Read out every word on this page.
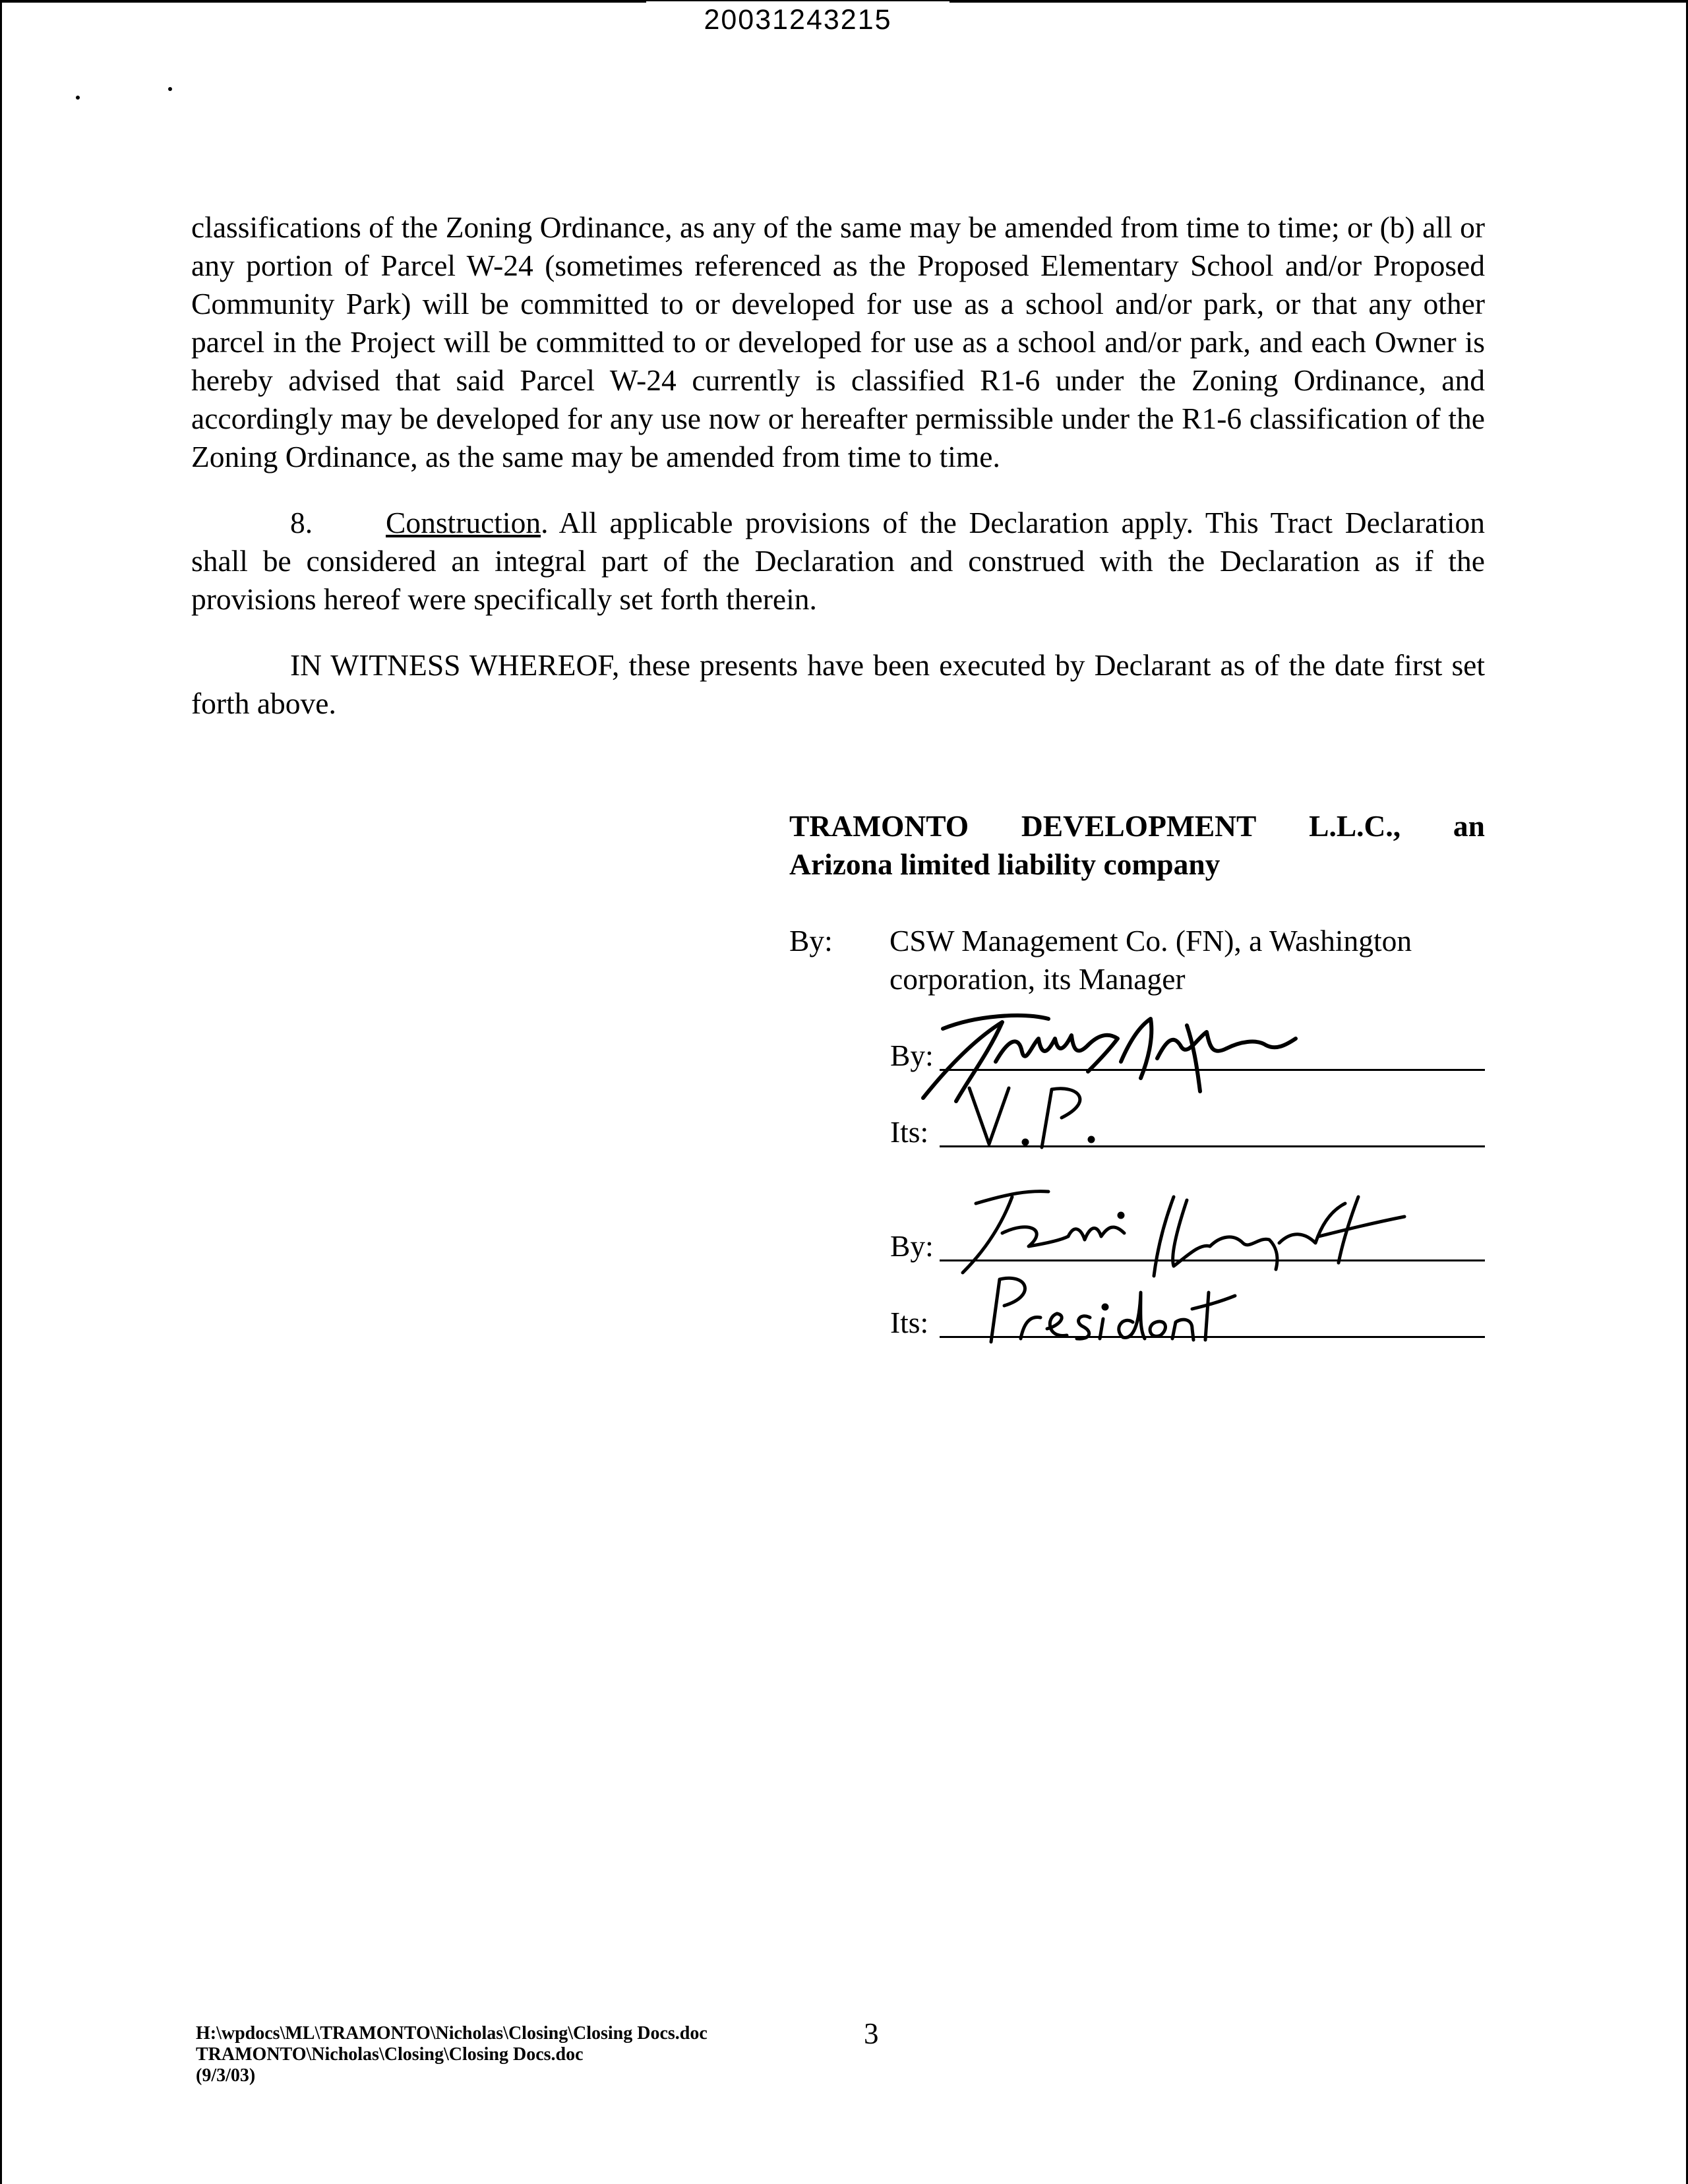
20031243215

classifications of the Zoning Ordinance, as any of the same may be amended from time to time; or (b) all or any portion of Parcel W-24 (sometimes referenced as the Proposed Elementary School and/or Proposed Community Park) will be committed to or developed for use as a school and/or park, or that any other parcel in the Project will be committed to or developed for use as a school and/or park, and each Owner is hereby advised that said Parcel W-24 currently is classified R1-6 under the Zoning Ordinance, and accordingly may be developed for any use now or hereafter permissible under the R1-6 classification of the Zoning Ordinance, as the same may be amended from time to time.

8. Construction. All applicable provisions of the Declaration apply. This Tract Declaration shall be considered an integral part of the Declaration and construed with the Declaration as if the provisions hereof were specifically set forth therein.

IN WITNESS WHEREOF, these presents have been executed by Declarant as of the date first set forth above.

TRAMONTO DEVELOPMENT L.L.C., an
Arizona limited liability company
By: CSW Management Co. (FN), a Washington corporation, its Manager
By:
Its:
By:
Its:
H:\wpdocs\ML\TRAMONTO\Nicholas\Closing\Closing Docs.doc
TRAMONTO\Nicholas\Closing\Closing Docs.doc
(9/3/03)
3
